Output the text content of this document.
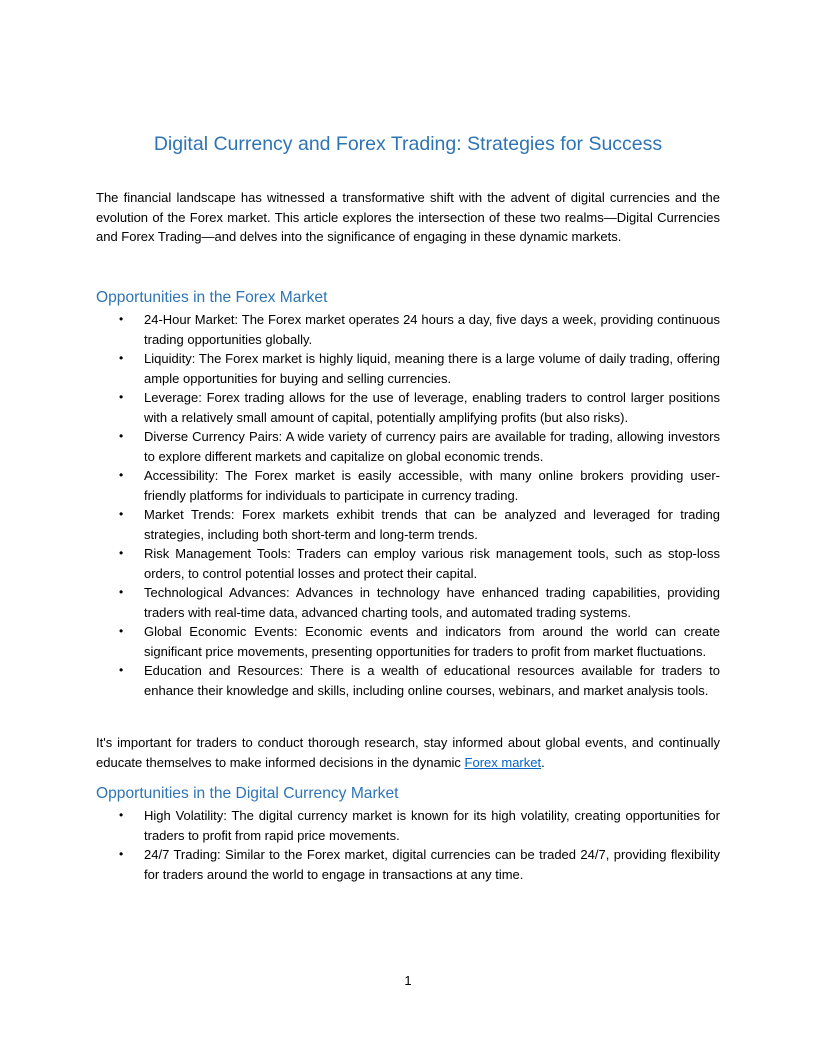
Digital Currency and Forex Trading: Strategies for Success

The financial landscape has witnessed a transformative shift with the advent of digital currencies and the evolution of the Forex market. This article explores the intersection of these two realms—Digital Currencies and Forex Trading—and delves into the significance of engaging in these dynamic markets.

Opportunities in the Forex Market
• 24-Hour Market: The Forex market operates 24 hours a day, five days a week, providing continuous trading opportunities globally.
• Liquidity: The Forex market is highly liquid, meaning there is a large volume of daily trading, offering ample opportunities for buying and selling currencies.
• Leverage: Forex trading allows for the use of leverage, enabling traders to control larger positions with a relatively small amount of capital, potentially amplifying profits (but also risks).
• Diverse Currency Pairs: A wide variety of currency pairs are available for trading, allowing investors to explore different markets and capitalize on global economic trends.
• Accessibility: The Forex market is easily accessible, with many online brokers providing user-friendly platforms for individuals to participate in currency trading.
• Market Trends: Forex markets exhibit trends that can be analyzed and leveraged for trading strategies, including both short-term and long-term trends.
• Risk Management Tools: Traders can employ various risk management tools, such as stop-loss orders, to control potential losses and protect their capital.
• Technological Advances: Advances in technology have enhanced trading capabilities, providing traders with real-time data, advanced charting tools, and automated trading systems.
• Global Economic Events: Economic events and indicators from around the world can create significant price movements, presenting opportunities for traders to profit from market fluctuations.
• Education and Resources: There is a wealth of educational resources available for traders to enhance their knowledge and skills, including online courses, webinars, and market analysis tools.

It's important for traders to conduct thorough research, stay informed about global events, and continually educate themselves to make informed decisions in the dynamic Forex market.

Opportunities in the Digital Currency Market
• High Volatility: The digital currency market is known for its high volatility, creating opportunities for traders to profit from rapid price movements.
• 24/7 Trading: Similar to the Forex market, digital currencies can be traded 24/7, providing flexibility for traders around the world to engage in transactions at any time.
1
